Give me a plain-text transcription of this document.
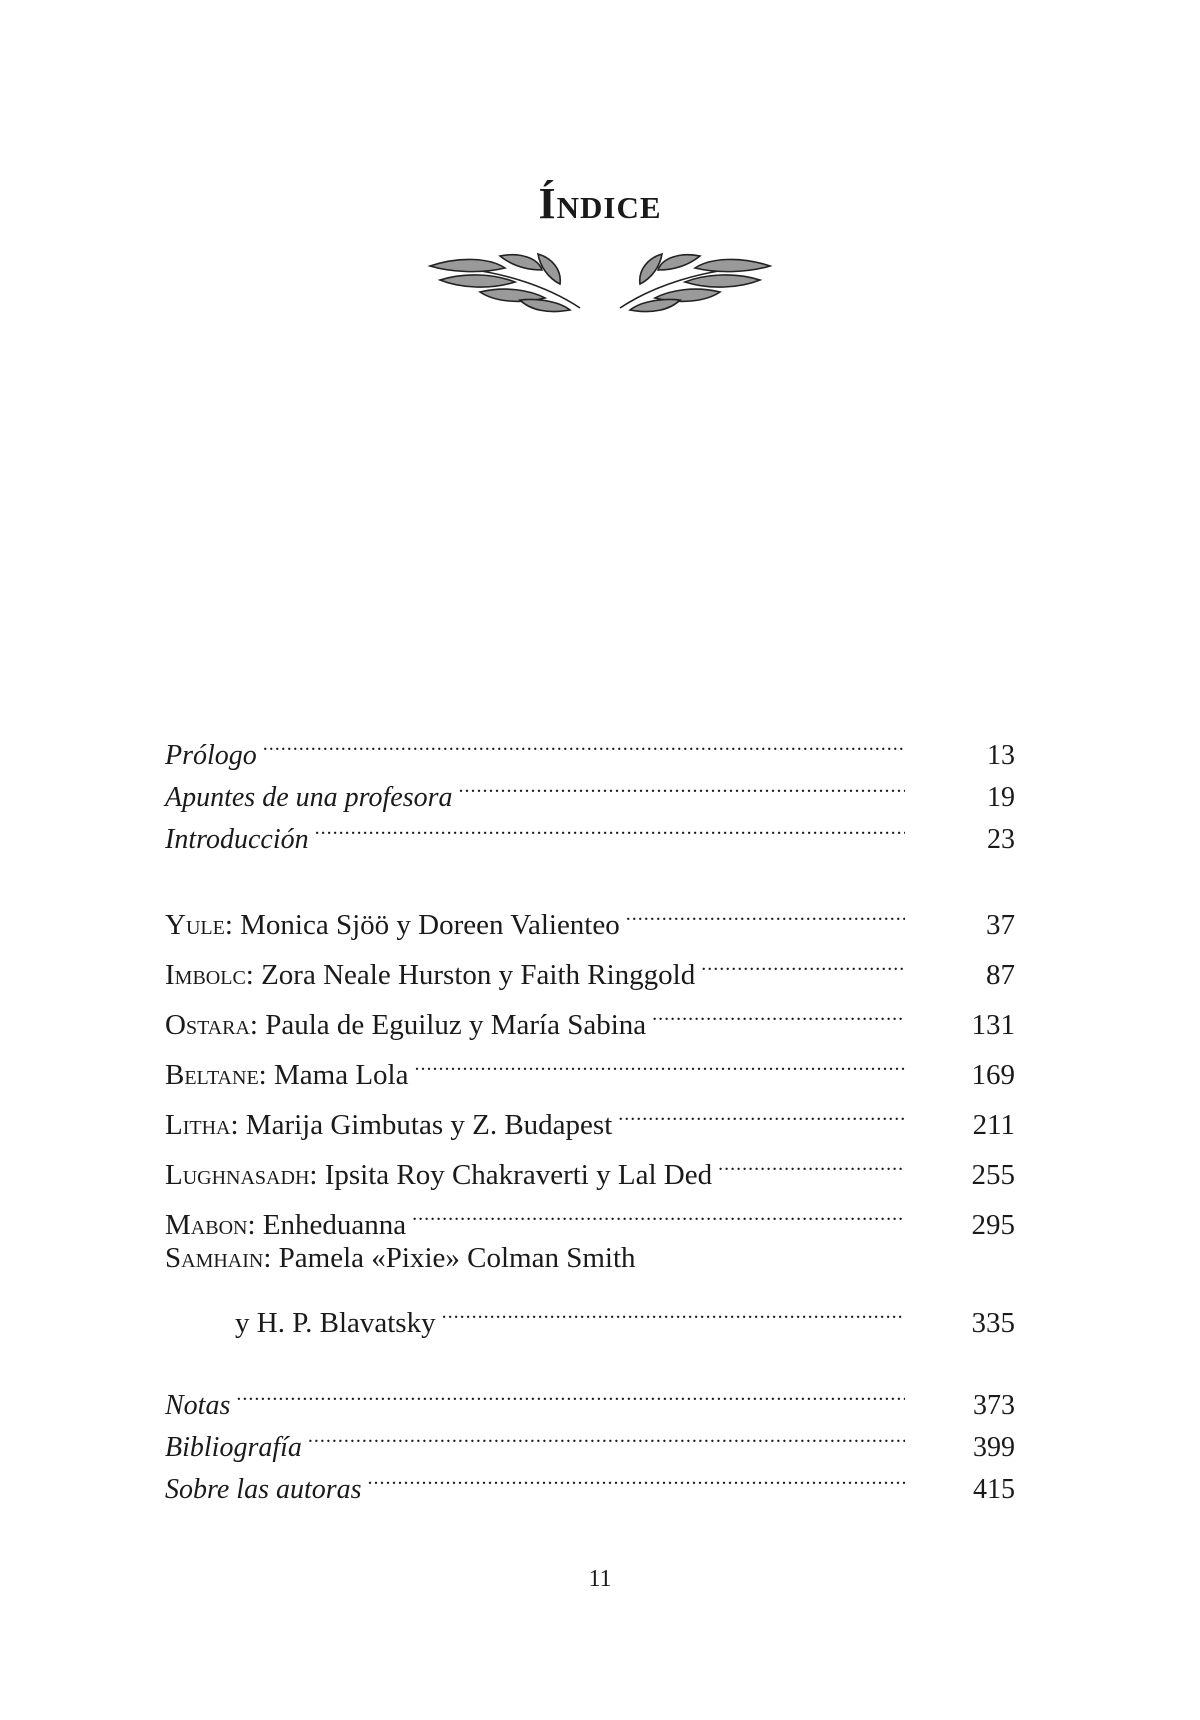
Índice
Prólogo .....	13
Apuntes de una profesora .....	19
Introducción .....	23
Yule: Monica Sjöö y Doreen Valienteo .....	37
Imbolc: Zora Neale Hurston y Faith Ringgold .....	87
Ostara: Paula de Eguiluz y María Sabina .....	131
Beltane: Mama Lola .....	169
Litha: Marija Gimbutas y Z. Budapest .....	211
Lughnasadh: Ipsita Roy Chakraverti y Lal Ded .....	255
Mabon: Enheduanna .....	295
Samhain: Pamela «Pixie» Colman Smith
y H. P. Blavatsky .....	335
Notas .....	373
Bibliografía .....	399
Sobre las autoras .....	415
11
